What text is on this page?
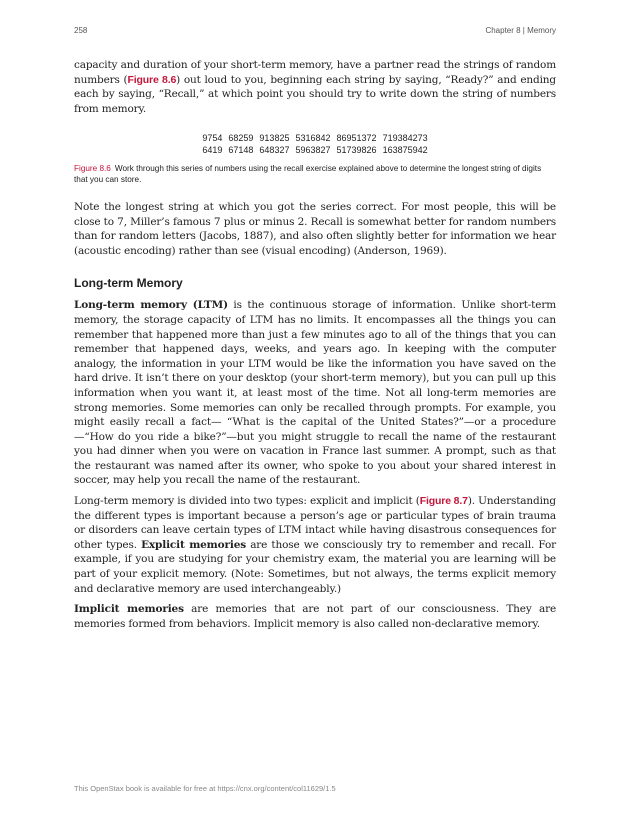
258	Chapter 8 | Memory

capacity and duration of your short-term memory, have a partner read the strings of random numbers (Figure 8.6) out loud to you, beginning each string by saying, “Ready?” and ending each by saying, “Recall,” at which point you should try to write down the string of numbers from memory.

9754 68259 913825 5316842 86951372 719384273
6419 67148 648327 5963827 51739826 163875942
Figure 8.6 Work through this series of numbers using the recall exercise explained above to determine the longest string of digits that you can store.

Note the longest string at which you got the series correct. For most people, this will be close to 7, Miller’s famous 7 plus or minus 2. Recall is somewhat better for random numbers than for random letters (Jacobs, 1887), and also often slightly better for information we hear (acoustic encoding) rather than see (visual encoding) (Anderson, 1969).

Long-term Memory

Long-term memory (LTM) is the continuous storage of information. Unlike short-term memory, the storage capacity of LTM has no limits. It encompasses all the things you can remember that happened more than just a few minutes ago to all of the things that you can remember that happened days, weeks, and years ago. In keeping with the computer analogy, the information in your LTM would be like the information you have saved on the hard drive. It isn’t there on your desktop (your short-term memory), but you can pull up this information when you want it, at least most of the time. Not all long-term memories are strong memories. Some memories can only be recalled through prompts. For example, you might easily recall a fact— “What is the capital of the United States?”—or a procedure—“How do you ride a bike?”—but you might struggle to recall the name of the restaurant you had dinner when you were on vacation in France last summer. A prompt, such as that the restaurant was named after its owner, who spoke to you about your shared interest in soccer, may help you recall the name of the restaurant.

Long-term memory is divided into two types: explicit and implicit (Figure 8.7). Understanding the different types is important because a person’s age or particular types of brain trauma or disorders can leave certain types of LTM intact while having disastrous consequences for other types. Explicit memories are those we consciously try to remember and recall. For example, if you are studying for your chemistry exam, the material you are learning will be part of your explicit memory. (Note: Sometimes, but not always, the terms explicit memory and declarative memory are used interchangeably.)

Implicit memories are memories that are not part of our consciousness. They are memories formed from behaviors. Implicit memory is also called non-declarative memory.

This OpenStax book is available for free at https://cnx.org/content/col11629/1.5
